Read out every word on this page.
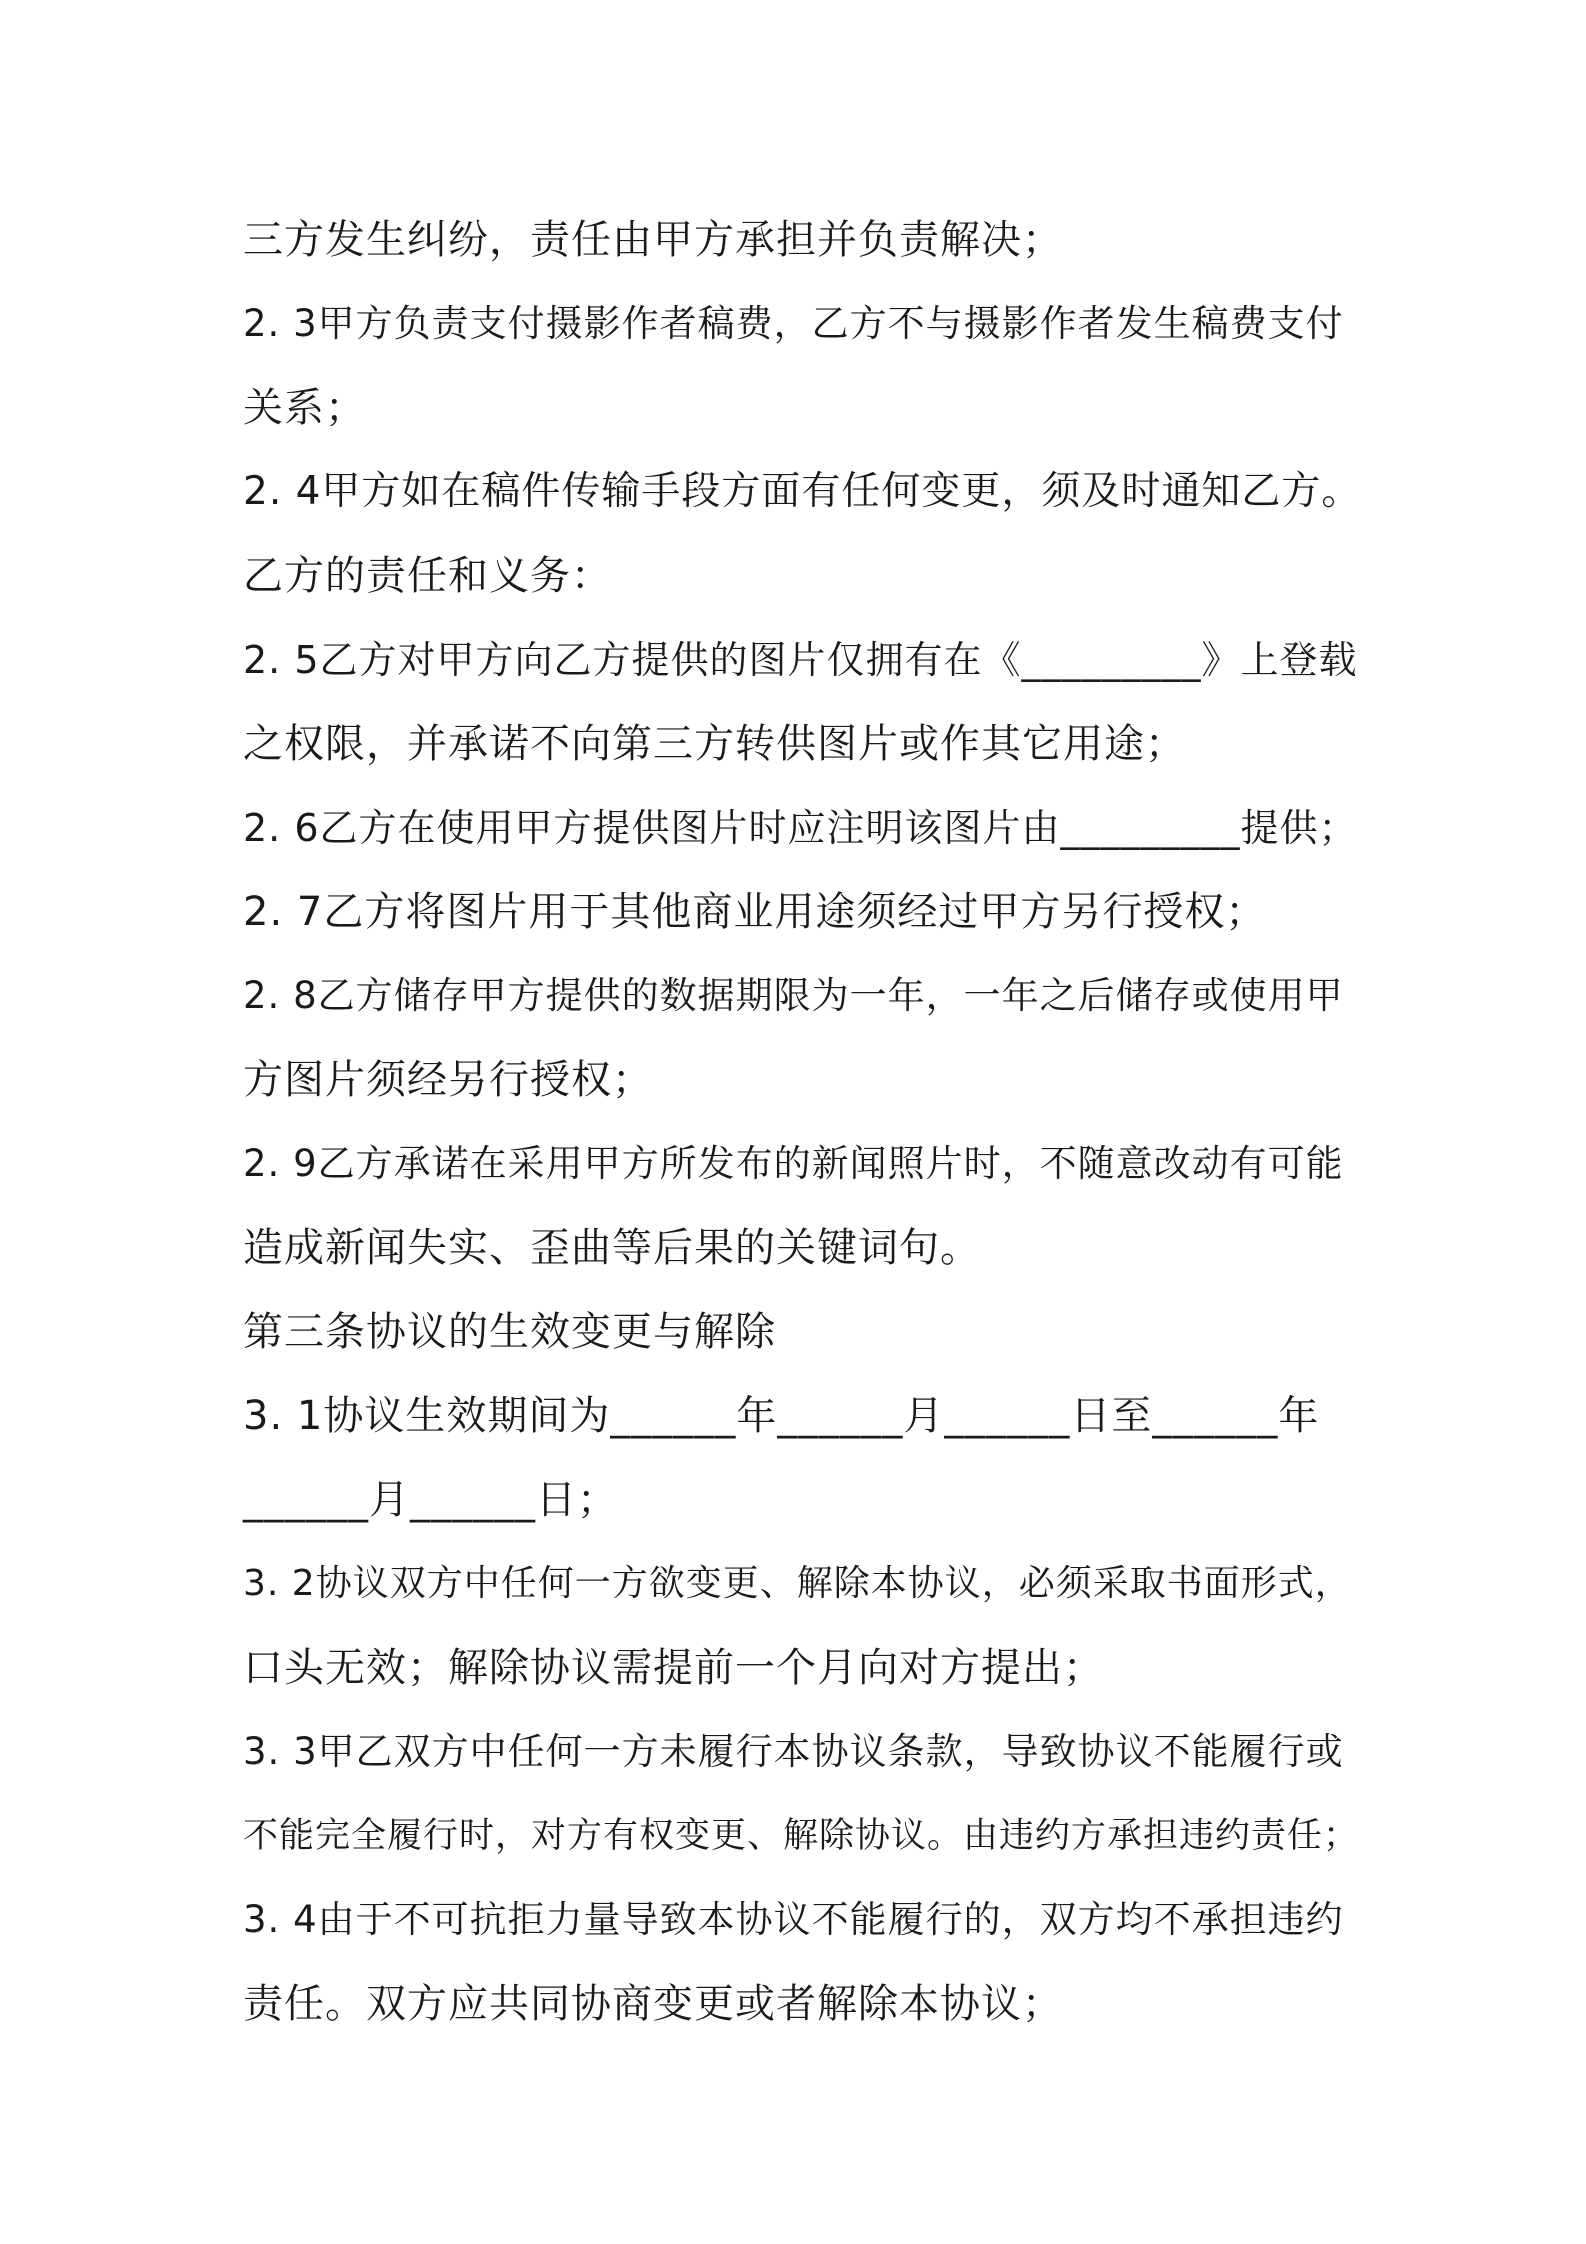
三方发生纠纷，责任由甲方承担并负责解决；
2. 3甲方负责支付摄影作者稿费，乙方不与摄影作者发生稿费支付
关系；
2. 4甲方如在稿件传输手段方面有任何变更，须及时通知乙方。
乙方的责任和义务：
2. 5乙方对甲方向乙方提供的图片仅拥有在《_________》上登载
之权限，并承诺不向第三方转供图片或作其它用途；
2. 6乙方在使用甲方提供图片时应注明该图片由_________提供；
2. 7乙方将图片用于其他商业用途须经过甲方另行授权；
2. 8乙方储存甲方提供的数据期限为一年，一年之后储存或使用甲
方图片须经另行授权；
2. 9乙方承诺在采用甲方所发布的新闻照片时，不随意改动有可能
造成新闻失实、歪曲等后果的关键词句。
第三条协议的生效变更与解除
3. 1协议生效期间为______年______月______日至______年
______月______日；
3. 2协议双方中任何一方欲变更、解除本协议，必须采取书面形式，
口头无效；解除协议需提前一个月向对方提出；
3. 3甲乙双方中任何一方未履行本协议条款，导致协议不能履行或
不能完全履行时，对方有权变更、解除协议。由违约方承担违约责任；
3. 4由于不可抗拒力量导致本协议不能履行的，双方均不承担违约
责任。双方应共同协商变更或者解除本协议；
